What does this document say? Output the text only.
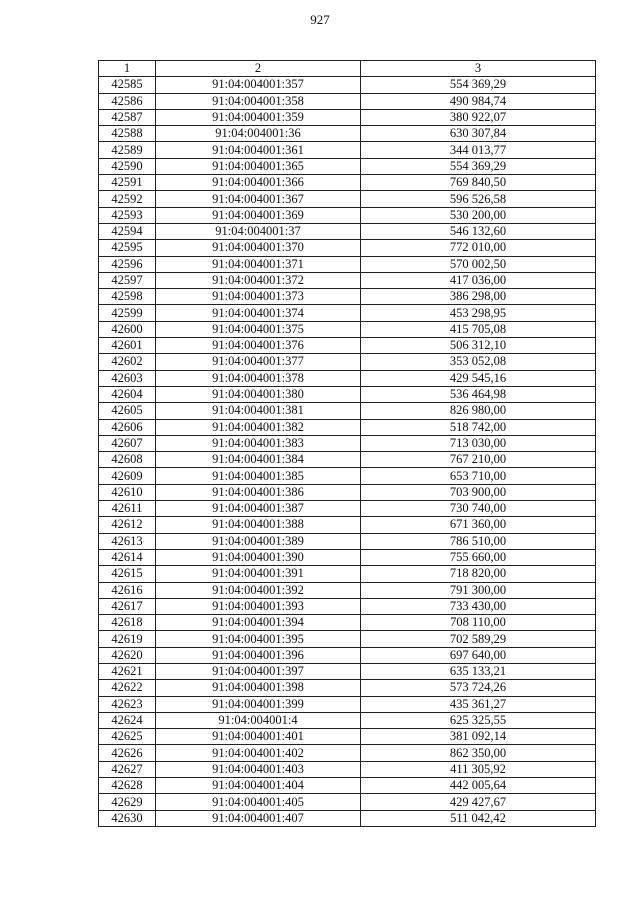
927
1	2	3
42585	91:04:004001:357	554 369,29
42586	91:04:004001:358	490 984,74
42587	91:04:004001:359	380 922,07
42588	91:04:004001:36	630 307,84
42589	91:04:004001:361	344 013,77
42590	91:04:004001:365	554 369,29
42591	91:04:004001:366	769 840,50
42592	91:04:004001:367	596 526,58
42593	91:04:004001:369	530 200,00
42594	91:04:004001:37	546 132,60
42595	91:04:004001:370	772 010,00
42596	91:04:004001:371	570 002,50
42597	91:04:004001:372	417 036,00
42598	91:04:004001:373	386 298,00
42599	91:04:004001:374	453 298,95
42600	91:04:004001:375	415 705,08
42601	91:04:004001:376	506 312,10
42602	91:04:004001:377	353 052,08
42603	91:04:004001:378	429 545,16
42604	91:04:004001:380	536 464,98
42605	91:04:004001:381	826 980,00
42606	91:04:004001:382	518 742,00
42607	91:04:004001:383	713 030,00
42608	91:04:004001:384	767 210,00
42609	91:04:004001:385	653 710,00
42610	91:04:004001:386	703 900,00
42611	91:04:004001:387	730 740,00
42612	91:04:004001:388	671 360,00
42613	91:04:004001:389	786 510,00
42614	91:04:004001:390	755 660,00
42615	91:04:004001:391	718 820,00
42616	91:04:004001:392	791 300,00
42617	91:04:004001:393	733 430,00
42618	91:04:004001:394	708 110,00
42619	91:04:004001:395	702 589,29
42620	91:04:004001:396	697 640,00
42621	91:04:004001:397	635 133,21
42622	91:04:004001:398	573 724,26
42623	91:04:004001:399	435 361,27
42624	91:04:004001:4	625 325,55
42625	91:04:004001:401	381 092,14
42626	91:04:004001:402	862 350,00
42627	91:04:004001:403	411 305,92
42628	91:04:004001:404	442 005,64
42629	91:04:004001:405	429 427,67
42630	91:04:004001:407	511 042,42
